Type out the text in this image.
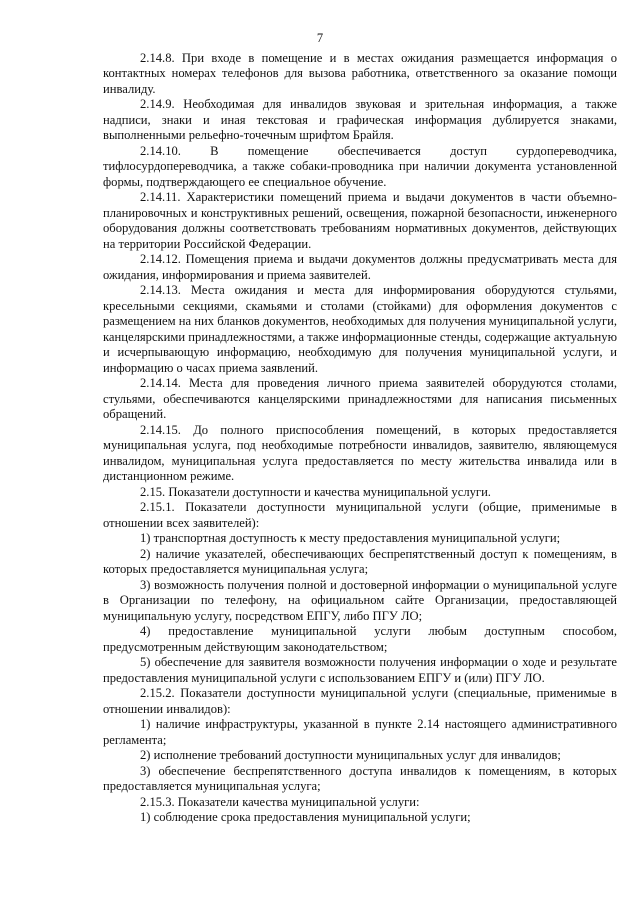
7

2.14.8. При входе в помещение и в местах ожидания размещается информация о контактных номерах телефонов для вызова работника, ответственного за оказание помощи инвалиду.

2.14.9. Необходимая для инвалидов звуковая и зрительная информация, а также надписи, знаки и иная текстовая и графическая информация дублируется знаками, выполненными рельефно-точечным шрифтом Брайля.

2.14.10. В помещение обеспечивается доступ сурдопереводчика, тифлосурдопереводчика, а также собаки-проводника при наличии документа установленной формы, подтверждающего ее специальное обучение.

2.14.11. Характеристики помещений приема и выдачи документов в части объемно-планировочных и конструктивных решений, освещения, пожарной безопасности, инженерного оборудования должны соответствовать требованиям нормативных документов, действующих на территории Российской Федерации.

2.14.12. Помещения приема и выдачи документов должны предусматривать места для ожидания, информирования и приема заявителей.

2.14.13. Места ожидания и места для информирования оборудуются стульями, кресельными секциями, скамьями и столами (стойками) для оформления документов с размещением на них бланков документов, необходимых для получения муниципальной услуги, канцелярскими принадлежностями, а также информационные стенды, содержащие актуальную и исчерпывающую информацию, необходимую для получения муниципальной услуги, и информацию о часах приема заявлений.

2.14.14. Места для проведения личного приема заявителей оборудуются столами, стульями, обеспечиваются канцелярскими принадлежностями для написания письменных обращений.

2.14.15. До полного приспособления помещений, в которых предоставляется муниципальная услуга, под необходимые потребности инвалидов, заявителю, являющемуся инвалидом, муниципальная услуга предоставляется по месту жительства инвалида или в дистанционном режиме.

2.15. Показатели доступности и качества муниципальной услуги.

2.15.1. Показатели доступности муниципальной услуги (общие, применимые в отношении всех заявителей):

1) транспортная доступность к месту предоставления муниципальной услуги;

2) наличие указателей, обеспечивающих беспрепятственный доступ к помещениям, в которых предоставляется муниципальная услуга;

3) возможность получения полной и достоверной информации о муниципальной услуге в Организации по телефону, на официальном сайте Организации, предоставляющей муниципальную услугу, посредством ЕПГУ, либо ПГУ ЛО;

4) предоставление муниципальной услуги любым доступным способом, предусмотренным действующим законодательством;

5) обеспечение для заявителя возможности получения информации о ходе и результате предоставления муниципальной услуги с использованием ЕПГУ и (или) ПГУ ЛО.

2.15.2. Показатели доступности муниципальной услуги (специальные, применимые в отношении инвалидов):

1) наличие инфраструктуры, указанной в пункте 2.14 настоящего административного регламента;

2) исполнение требований доступности муниципальных услуг для инвалидов;

3) обеспечение беспрепятственного доступа инвалидов к помещениям, в которых предоставляется муниципальная услуга;

2.15.3. Показатели качества муниципальной услуги:

1) соблюдение срока предоставления муниципальной услуги;
